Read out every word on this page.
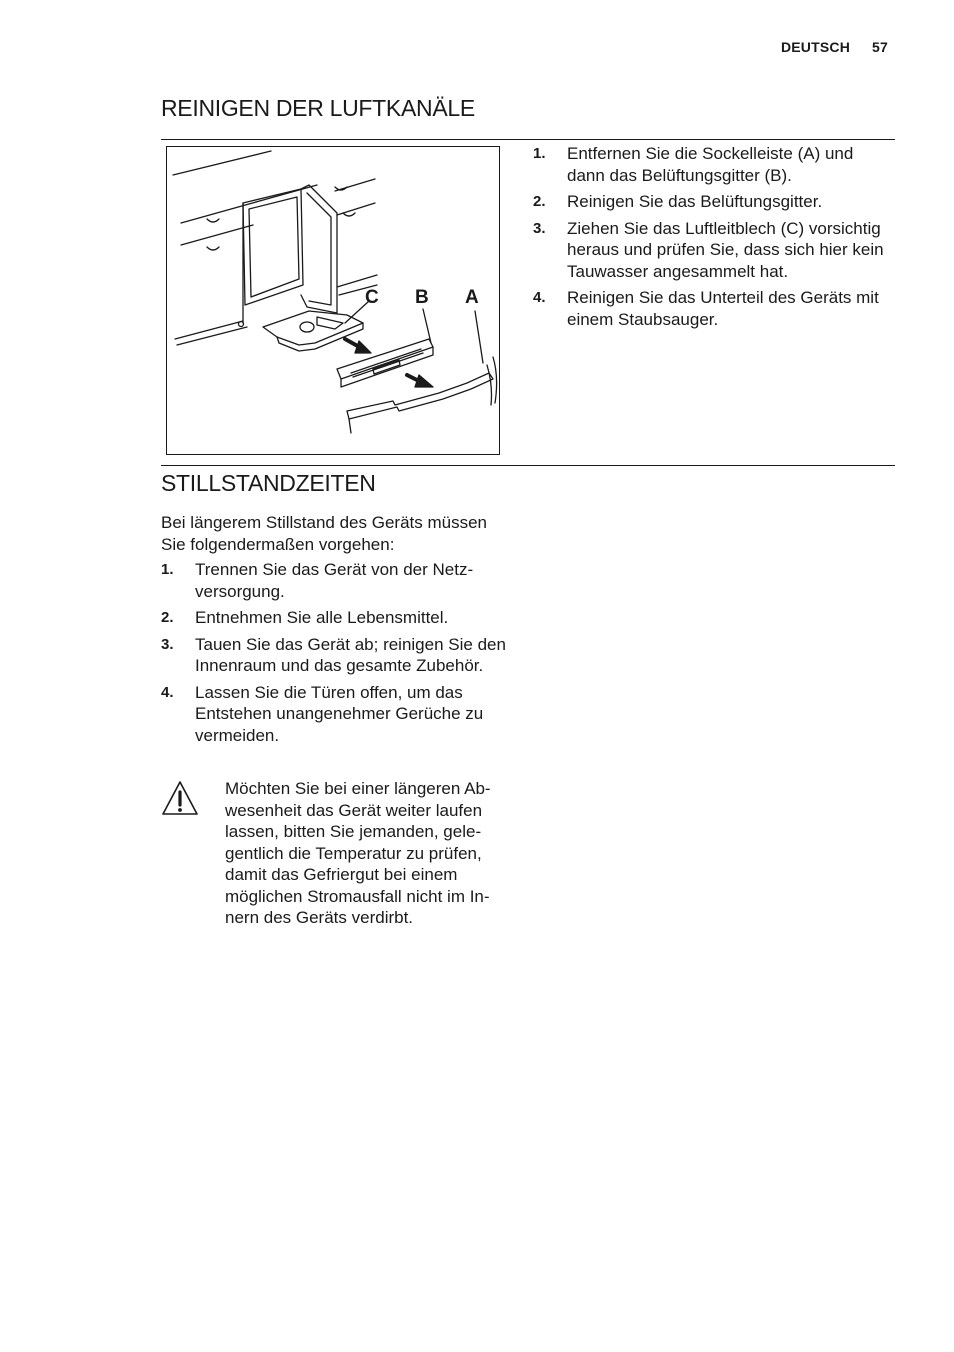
DEUTSCH 57
REINIGEN DER LUFTKANÄLE
C B A
1. Entfernen Sie die Sockelleiste (A) und dann das Belüftungsgitter (B).
2. Reinigen Sie das Belüftungsgitter.
3. Ziehen Sie das Luftleitblech (C) vorsichtig heraus und prüfen Sie, dass sich hier kein Tauwasser angesammelt hat.
4. Reinigen Sie das Unterteil des Geräts mit einem Staubsauger.
STILLSTANDZEITEN

Bei längerem Stillstand des Geräts müssen Sie folgendermaßen vorgehen:

1. Trennen Sie das Gerät von der Netzversorgung.
2. Entnehmen Sie alle Lebensmittel.
3. Tauen Sie das Gerät ab; reinigen Sie den Innenraum und das gesamte Zubehör.
4. Lassen Sie die Türen offen, um das Entstehen unangenehmer Gerüche zu vermeiden.
Möchten Sie bei einer längeren Abwesenheit das Gerät weiter laufen lassen, bitten Sie jemanden, gelegentlich die Temperatur zu prüfen, damit das Gefriergut bei einem möglichen Stromausfall nicht im Innern des Geräts verdirbt.
